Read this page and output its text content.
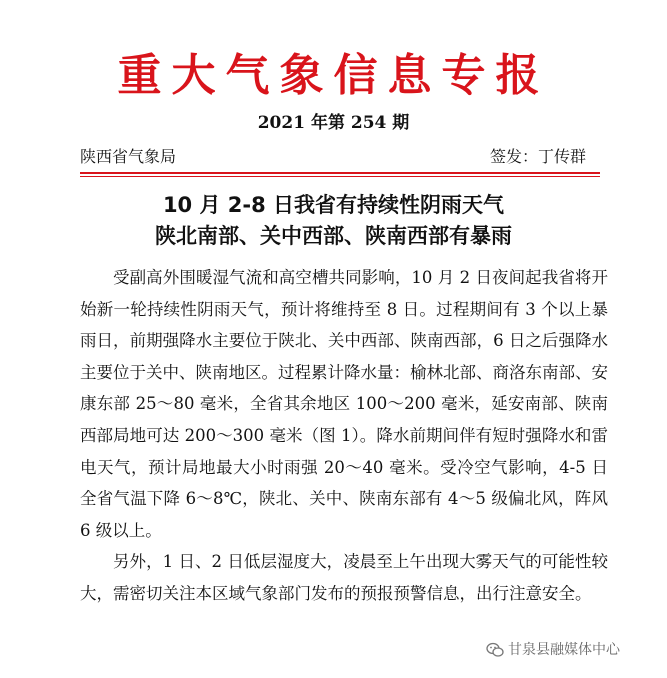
重大气象信息专报
2021 年第 254 期
陕西省气象局	签发：丁传群
10 月 2-8 日我省有持续性阴雨天气
陕北南部、关中西部、陕南西部有暴雨

受副高外围暖湿气流和高空槽共同影响，10 月 2 日夜间起我省将开始新一轮持续性阴雨天气，预计将维持至 8 日。过程期间有 3 个以上暴雨日，前期强降水主要位于陕北、关中西部、陕南西部，6 日之后强降水主要位于关中、陕南地区。过程累计降水量：榆林北部、商洛东南部、安康东部 25～80 毫米，全省其余地区 100～200 毫米，延安南部、陕南西部局地可达 200～300 毫米（图 1）。降水前期间伴有短时强降水和雷电天气，预计局地最大小时雨强 20～40 毫米。受冷空气影响，4-5 日全省气温下降 6～8℃，陕北、关中、陕南东部有 4～5 级偏北风，阵风 6 级以上。

另外，1 日、2 日低层湿度大，凌晨至上午出现大雾天气的可能性较大，需密切关注本区域气象部门发布的预报预警信息，出行注意安全。

甘泉县融媒体中心
